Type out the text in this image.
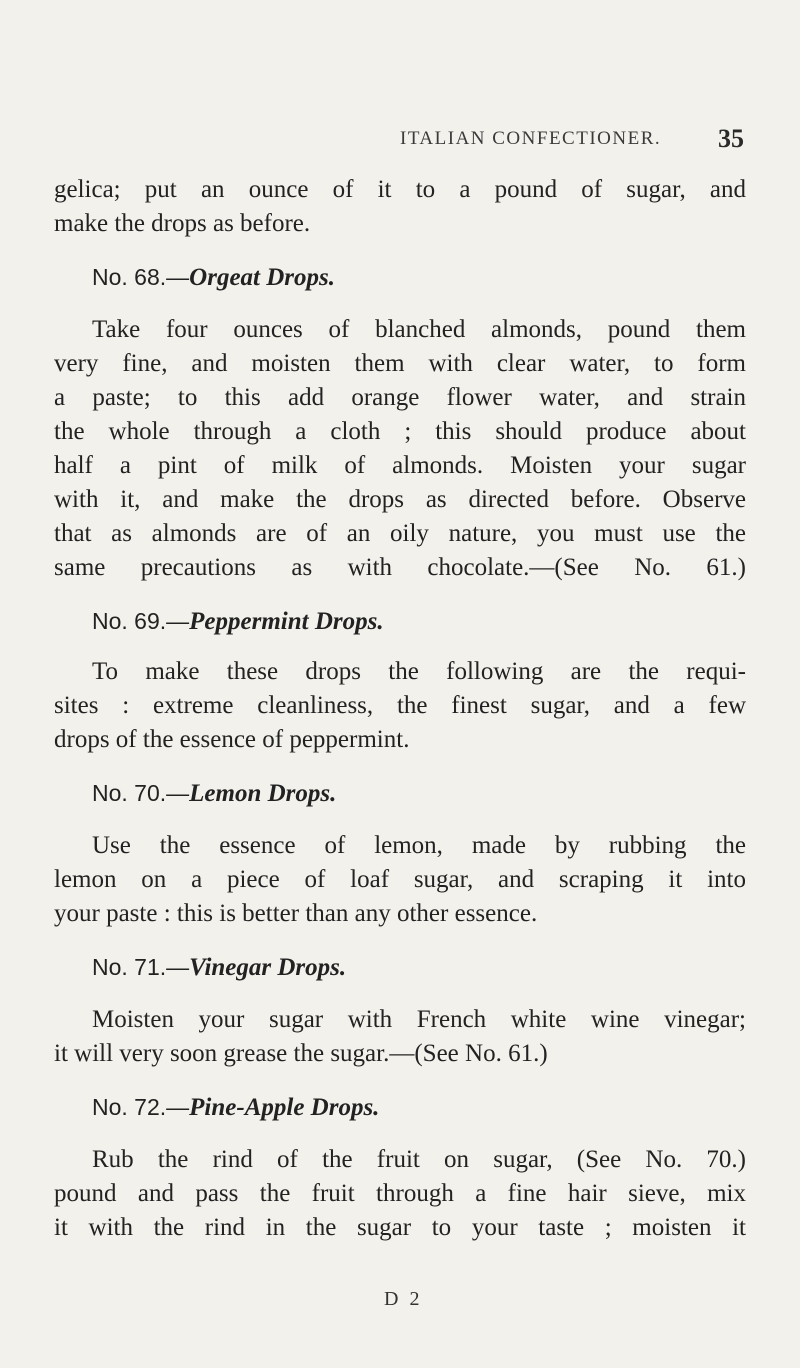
ITALIAN CONFECTIONER. 35
gelica; put an ounce of it to a pound of sugar, and
make the drops as before.
No. 68.—Orgeat Drops.
Take four ounces of blanched almonds, pound them
very fine, and moisten them with clear water, to form
a paste; to this add orange flower water, and strain
the whole through a cloth ; this should produce about
half a pint of milk of almonds. Moisten your sugar
with it, and make the drops as directed before. Observe
that as almonds are of an oily nature, you must use the
same precautions as with chocolate.—(See No. 61.)
No. 69.—Peppermint Drops.
To make these drops the following are the requi-
sites : extreme cleanliness, the finest sugar, and a few
drops of the essence of peppermint.
No. 70.—Lemon Drops.
Use the essence of lemon, made by rubbing the
lemon on a piece of loaf sugar, and scraping it into
your paste : this is better than any other essence.
No. 71.—Vinegar Drops.
Moisten your sugar with French white wine vinegar;
it will very soon grease the sugar.—(See No. 61.)
No. 72.—Pine-Apple Drops.
Rub the rind of the fruit on sugar, (See No. 70.)
pound and pass the fruit through a fine hair sieve, mix
it with the rind in the sugar to your taste ; moisten it
D 2
